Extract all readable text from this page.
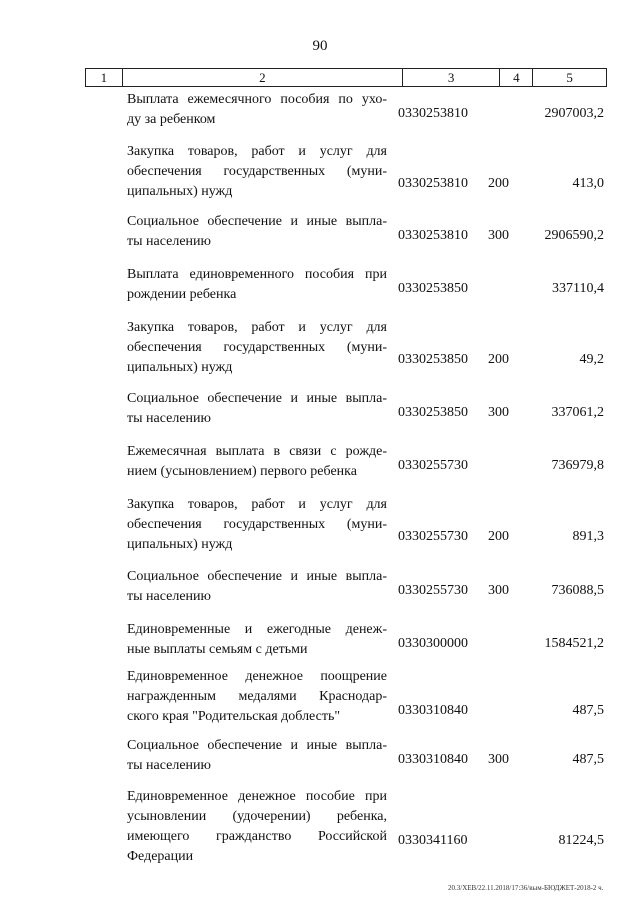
90
1	2	3	4	5
Выплата ежемесячного пособия по ухо-
ду за ребенком	0330253810	2907003,2
Закупка товаров, работ и услуг для
обеспечения государственных (муни-
ципальных) нужд
0330253810 200	413,0
Социальное обеспечение и иные выпла-
ты населению	0330253810 300	2906590,2
Выплата единовременного пособия при
рождении ребенка	0330253850	337110,4
Закупка товаров, работ и услуг для
обеспечения государственных (муни-
ципальных) нужд
0330253850 200	49,2
Социальное обеспечение и иные выпла-
ты населению	0330253850 300	337061,2
Ежемесячная выплата в связи с рожде-
нием (усыновлением) первого ребенка	0330255730	736979,8
Закупка товаров, работ и услуг для
обеспечения государственных (муни-
ципальных) нужд
0330255730 200	891,3
Социальное обеспечение и иные выпла-
ты населению	0330255730 300	736088,5
Единовременные и ежегодные денеж-
ные выплаты семьям с детьми	0330300000	1584521,2
Единовременное денежное поощрение
награжденным медалями Краснодар-
ского края "Родительская доблесть"	0330310840	487,5
Социальное обеспечение и иные выпла-
ты населению	0330310840 300	487,5
Единовременное денежное пособие при
усыновлении (удочерении) ребенка,
имеющего гражданство Российской
Федерации
0330341160	81224,5
20.3/ХЕВ/22.11.2018/17:36/вым-БЮДЖЕТ-2018-2 ч.
